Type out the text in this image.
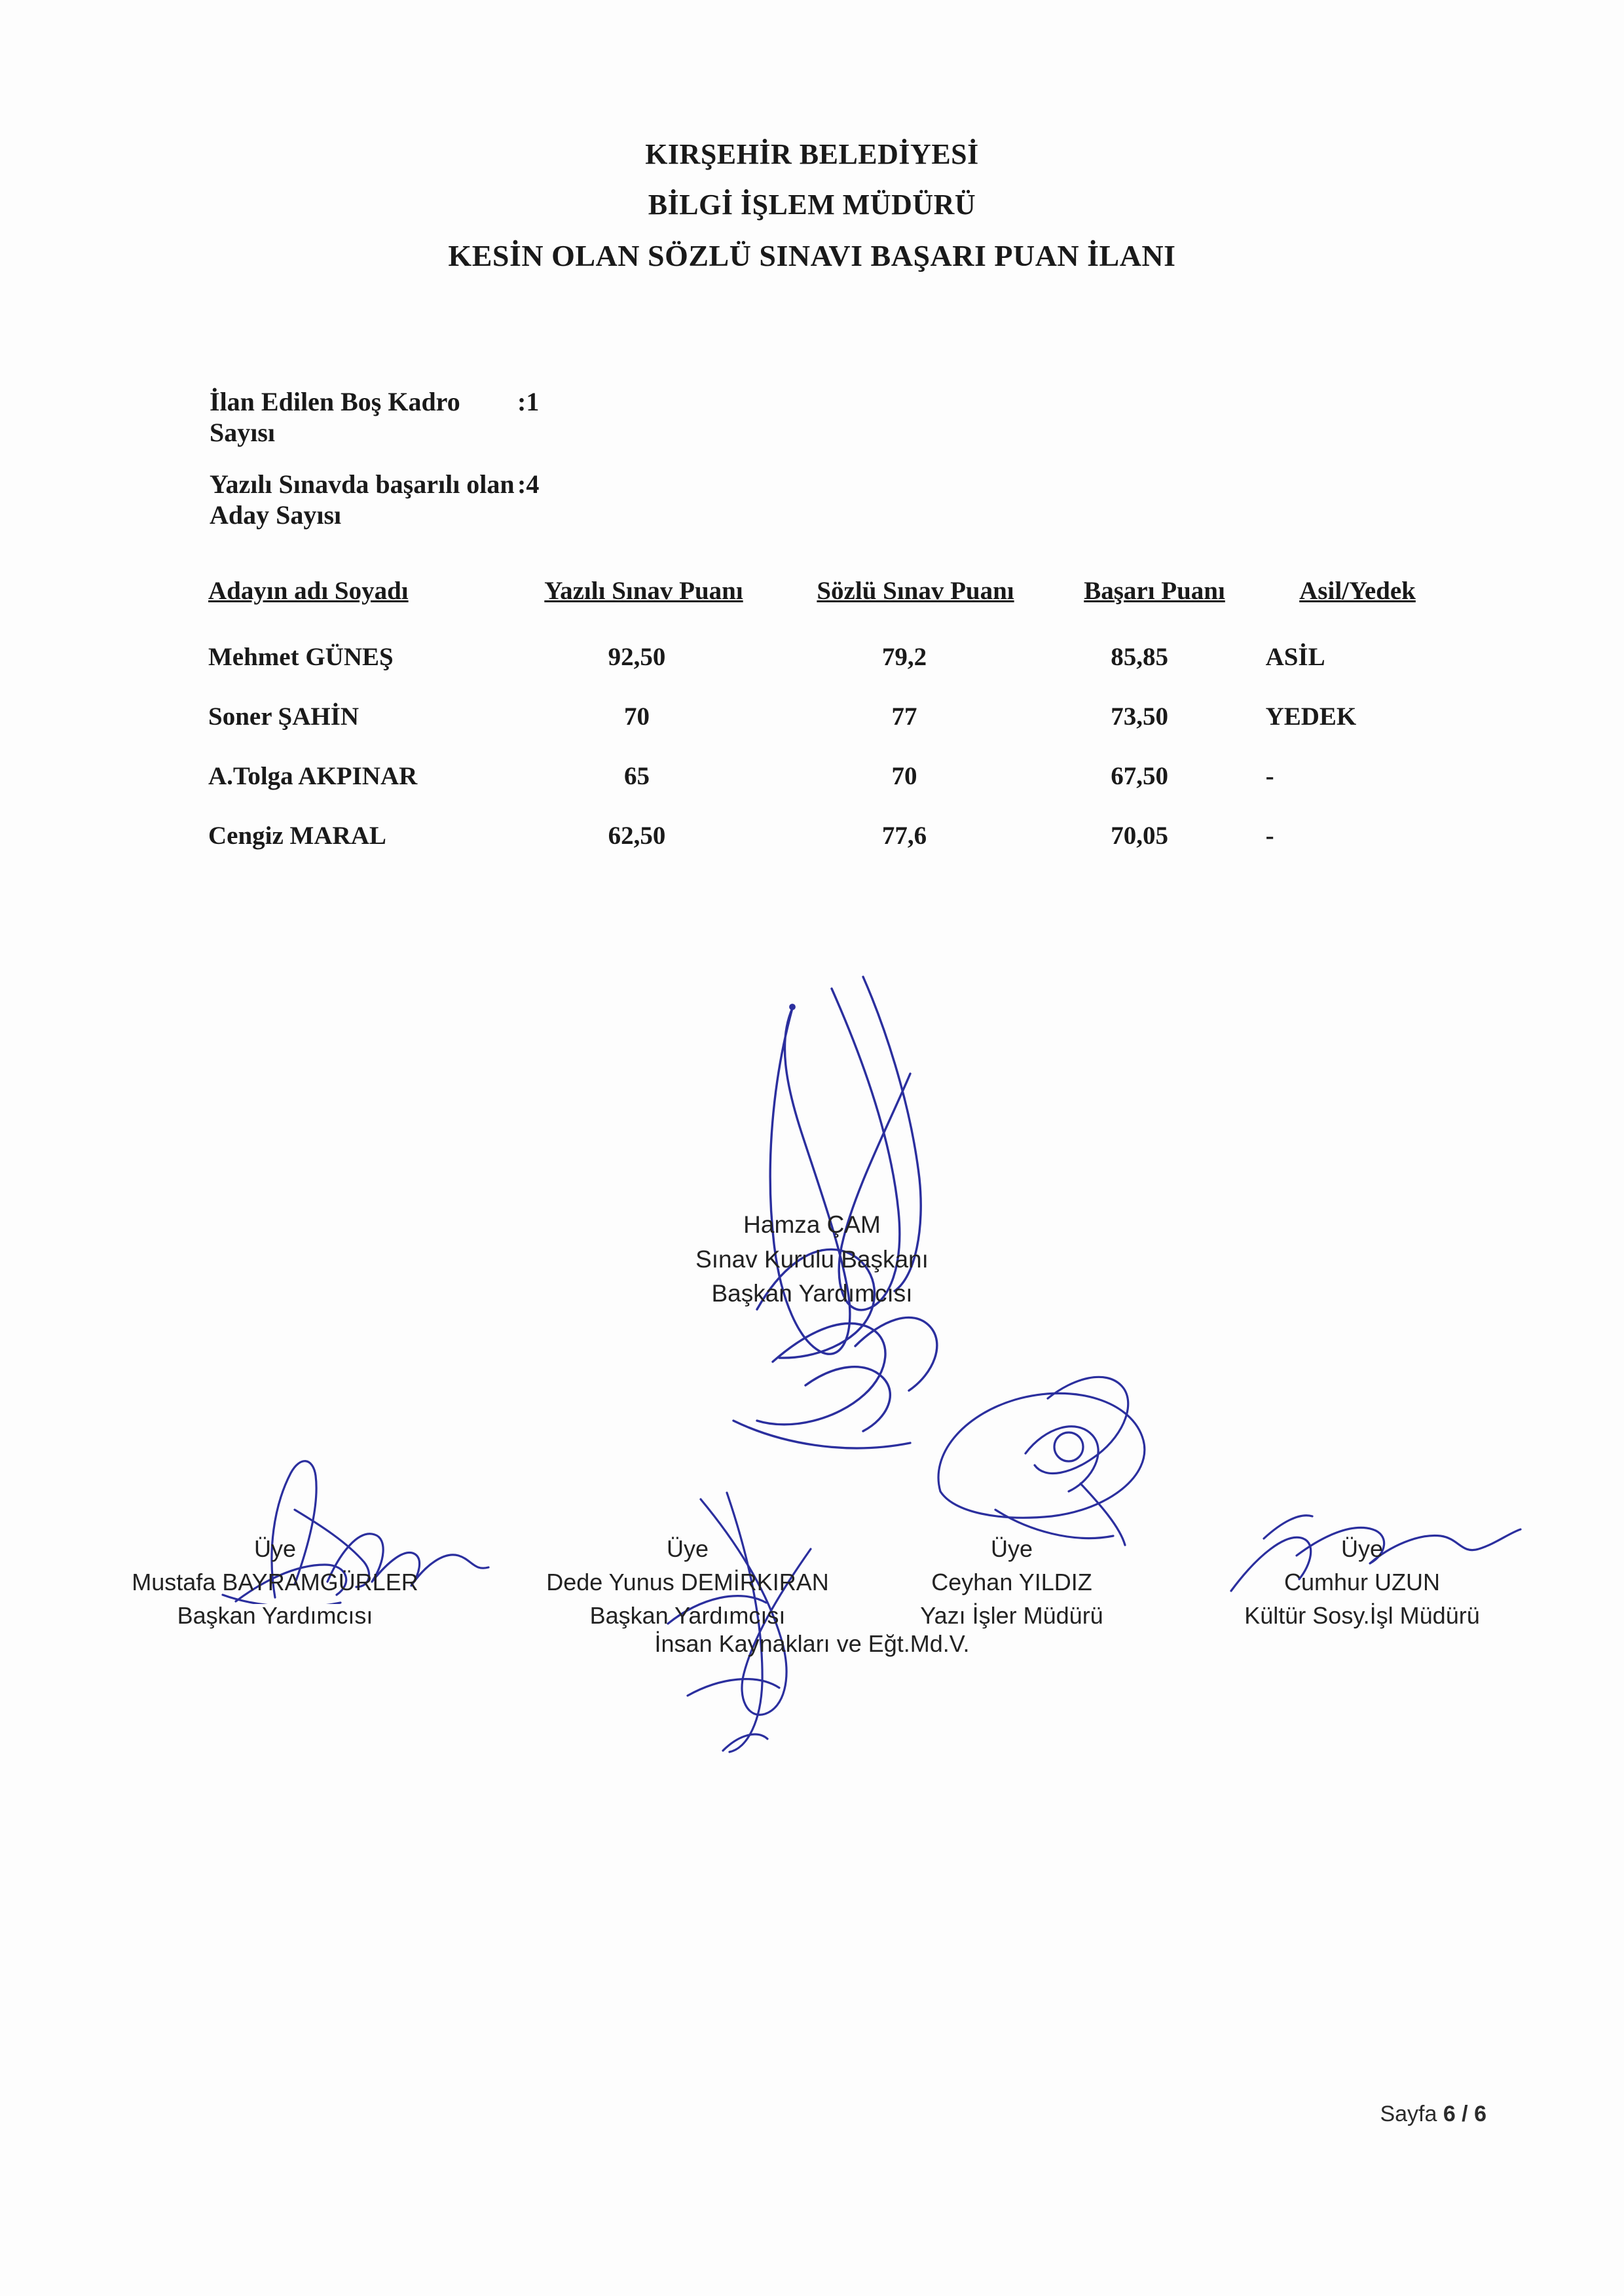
KIRŞEHİR BELEDİYESİ
BİLGİ İŞLEM MÜDÜRÜ
KESİN OLAN SÖZLÜ SINAVI BAŞARI PUAN İLANI
İlan Edilen Boş Kadro Sayısı
:1
Yazılı Sınavda başarılı olan Aday Sayısı
:4
Adayın adı Soyadı	Yazılı Sınav Puanı	Sözlü Sınav Puanı	Başarı Puanı	Asil/Yedek
Mehmet GÜNEŞ	92,50	79,2	85,85	ASİL
Soner ŞAHİN	70	77	73,50	YEDEK
A.Tolga AKPINAR	65	70	67,50	-
Cengiz MARAL	62,50	77,6	70,05	-
Hamza ÇAM
Sınav Kurulu Başkanı
Başkan Yardımcısı
Üye
Mustafa BAYRAMGÜRLER
Başkan Yardımcısı
Üye
Dede Yunus DEMİRKIRAN
Başkan Yardımcısı
Üye
Ceyhan YILDIZ
Yazı İşler Müdürü
Üye
Cumhur UZUN
Kültür Sosy.İşl Müdürü
İnsan Kaynakları ve Eğt.Md.V.
Sayfa 6 / 6
